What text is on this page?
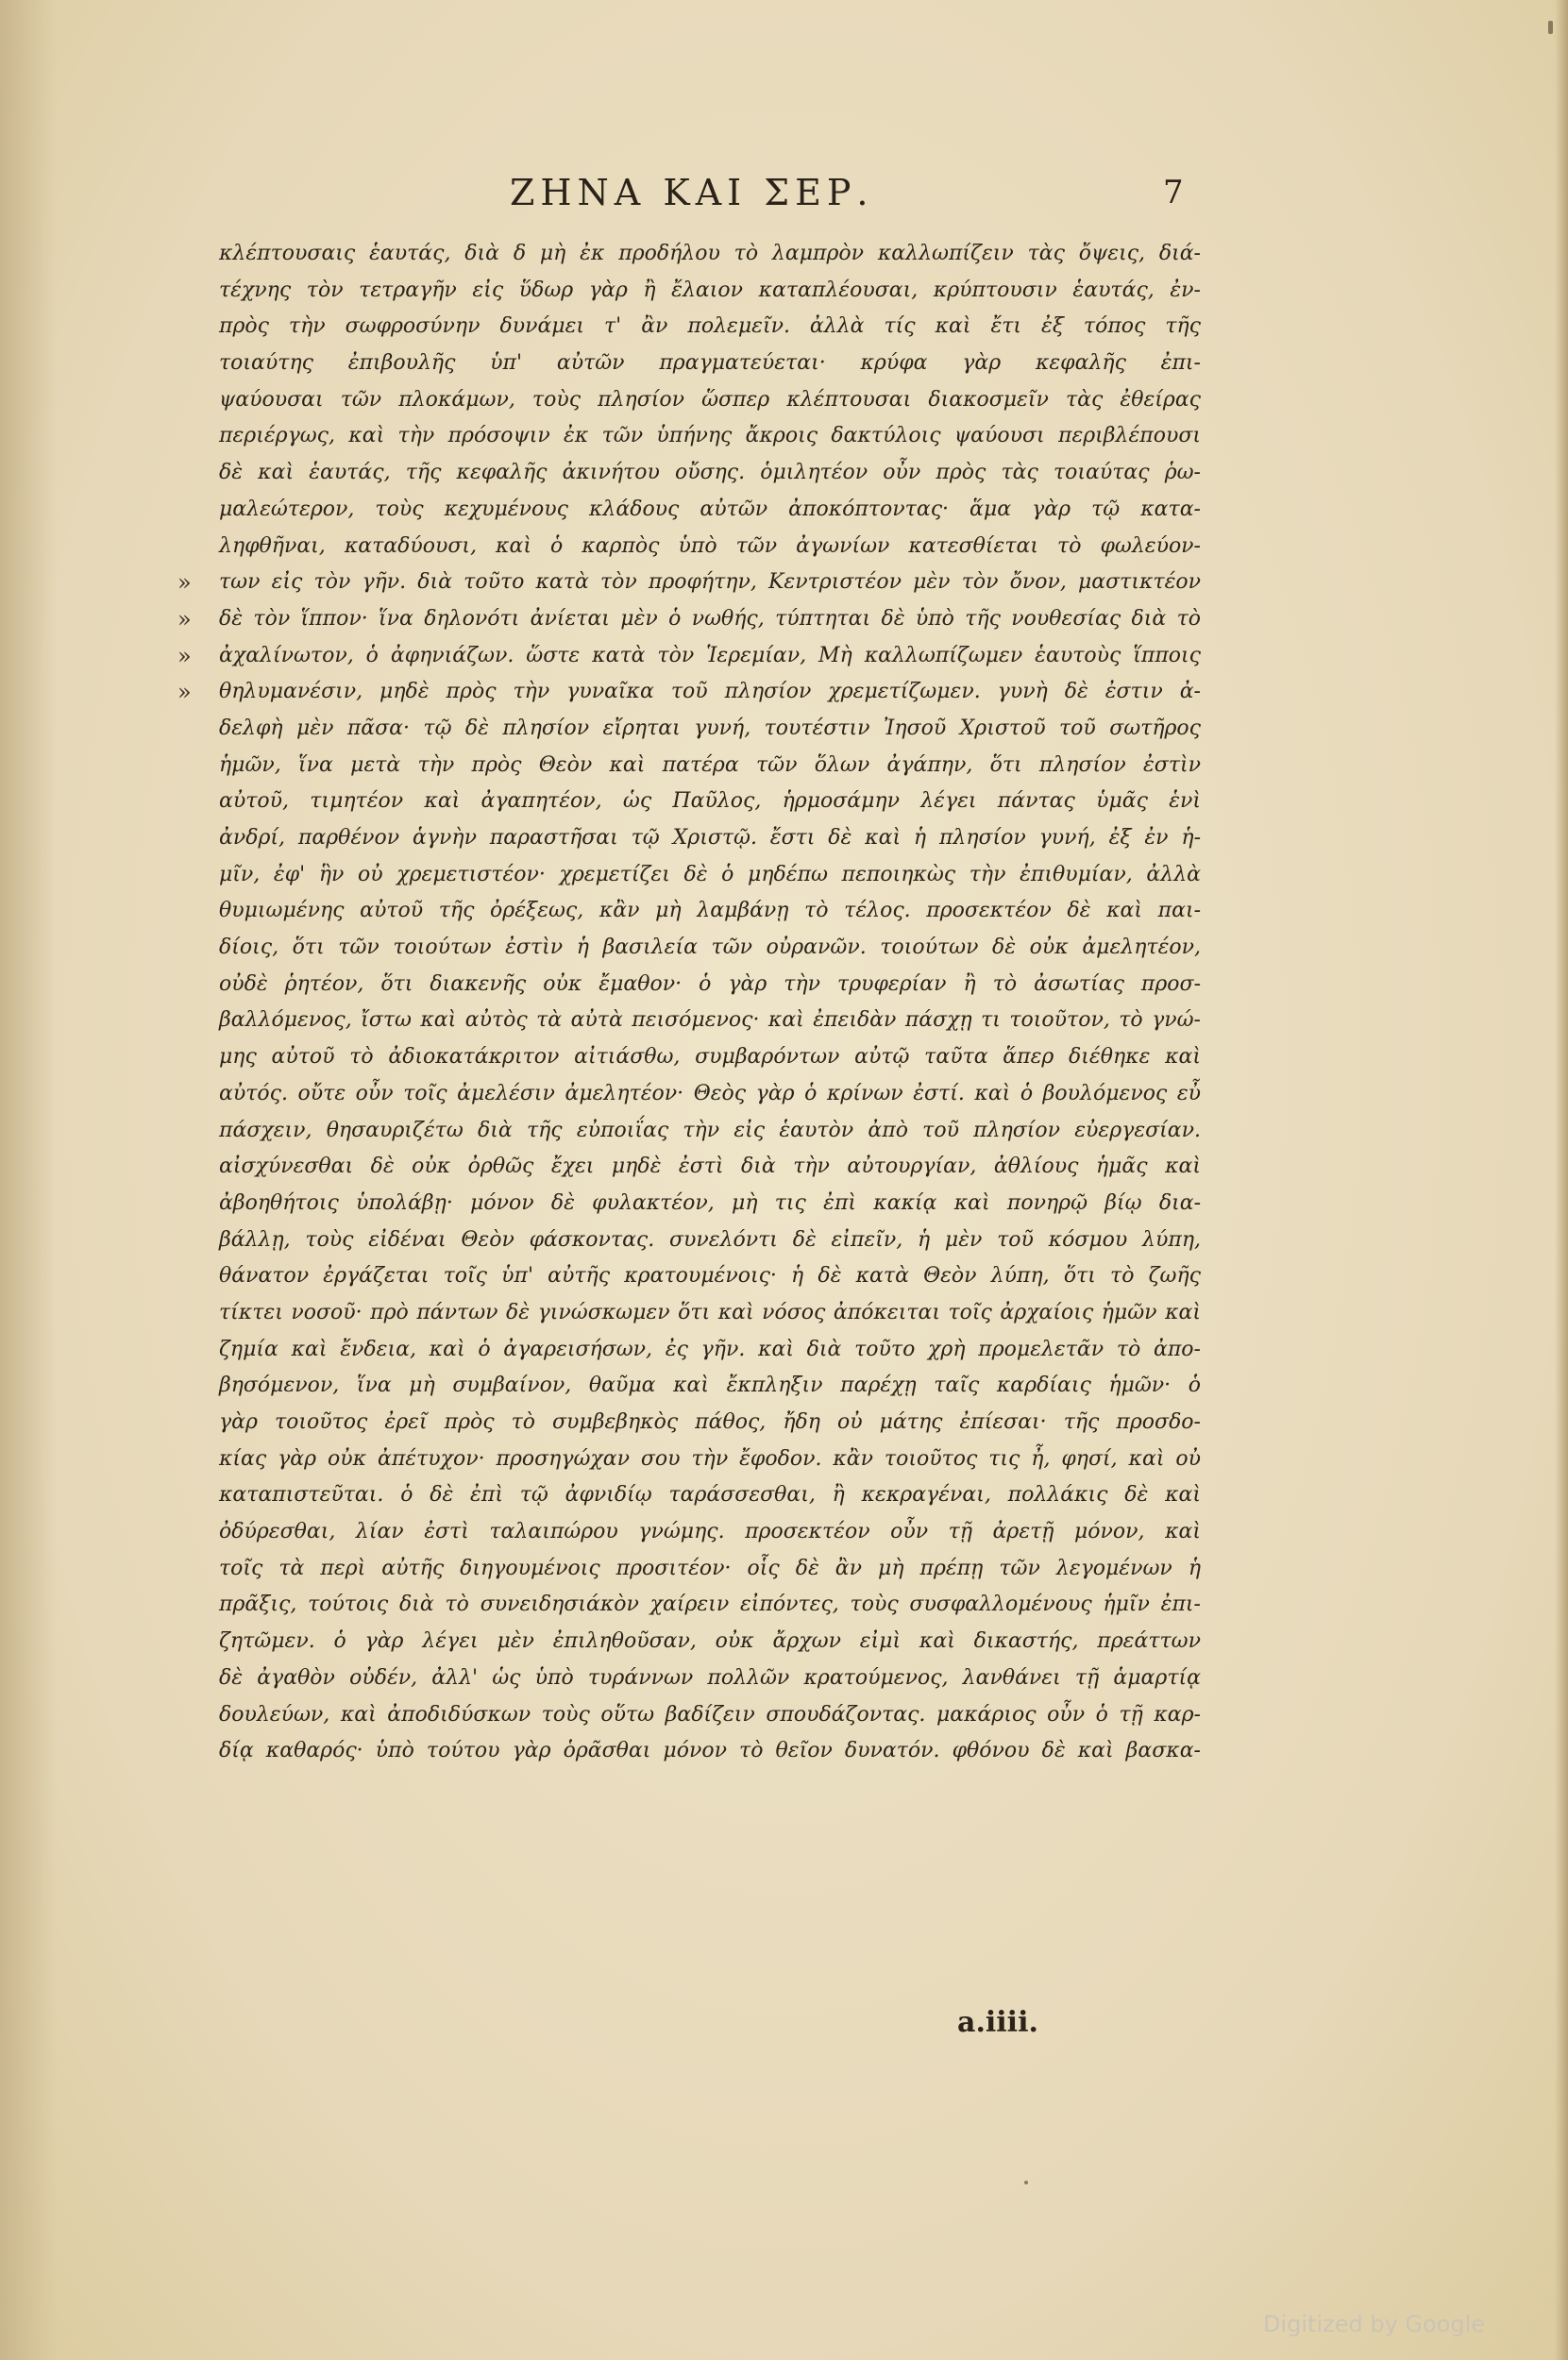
ΖΗΝΑ ΚΑΙ ΣΕΡ.	7
κλέπτουσαις ἑαυτάς, διὰ δ μὴ ἐκ προδήλου τὸ λαμπρὸν καλλωπίζειν τὰς ὄψεις, διά-
τέχνης τὸν τετραγῆν εἰς ὕδωρ γὰρ ἢ ἔλαιον καταπλέουσαι, κρύπτουσιν ἑαυτάς, ἐν-
πρὸς τὴν σωφροσύνην δυνάμει τ' ἂν πολεμεῖν. ἀλλὰ τίς καὶ ἔτι ἐξ τόπος τῆς
τοιαύτης ἐπιβουλῆς ὑπ' αὐτῶν πραγματεύεται· κρύφα γὰρ κεφαλῆς ἐπι-
ψαύουσαι τῶν πλοκάμων, τοὺς πλησίον ὥσπερ κλέπτουσαι διακοσμεῖν τὰς ἐθείρας
περιέργως, καὶ τὴν πρόσοψιν ἐκ τῶν ὑπήνης ἄκροις δακτύλοις ψαύουσι περιβλέπουσι
δὲ καὶ ἑαυτάς, τῆς κεφαλῆς ἀκινήτου οὔσης. ὁμιλητέον οὖν πρὸς τὰς τοιαύτας ῥω-
μαλεώτερον, τοὺς κεχυμένους κλάδους αὐτῶν ἀποκόπτοντας· ἅμα γὰρ τῷ κατα-
ληφθῆναι, καταδύουσι, καὶ ὁ καρπὸς ὑπὸ τῶν ἀγωνίων κατεσθίεται τὸ φωλεύον-
» των εἰς τὸν γῆν. διὰ τοῦτο κατὰ τὸν προφήτην, Κεντριστέον μὲν τὸν ὄνον, μαστικτέον
» δὲ τὸν ἵππον· ἵνα δηλονότι ἀνίεται μὲν ὁ νωθής, τύπτηται δὲ ὑπὸ τῆς νουθεσίας διὰ τὸ
» ἀχαλίνωτον, ὁ ἀφηνιάζων. ὥστε κατὰ τὸν Ἱερεμίαν, Μὴ καλλωπίζωμεν ἑαυτοὺς ἵπποις
» θηλυμανέσιν, μηδὲ πρὸς τὴν γυναῖκα τοῦ πλησίον χρεμετίζωμεν. γυνὴ δὲ ἐστιν ἀ-
δελφὴ μὲν πᾶσα· τῷ δὲ πλησίον εἴρηται γυνή, τουτέστιν Ἰησοῦ Χριστοῦ τοῦ σωτῆρος
ἡμῶν, ἵνα μετὰ τὴν πρὸς Θεὸν καὶ πατέρα τῶν ὅλων ἀγάπην, ὅτι πλησίον ἐστὶν
αὐτοῦ, τιμητέον καὶ ἀγαπητέον, ὡς Παῦλος, ἡρμοσάμην λέγει πάντας ὑμᾶς ἑνὶ
ἀνδρί, παρθένον ἁγνὴν παραστῆσαι τῷ Χριστῷ. ἔστι δὲ καὶ ἡ πλησίον γυνή, ἐξ ἐν ἡ-
μῖν, ἐφ' ἣν οὐ χρεμετιστέον· χρεμετίζει δὲ ὁ μηδέπω πεποιηκὼς τὴν ἐπιθυμίαν, ἀλλὰ
θυμιωμένης αὐτοῦ τῆς ὀρέξεως, κἂν μὴ λαμβάνῃ τὸ τέλος. προσεκτέον δὲ καὶ παι-
δίοις, ὅτι τῶν τοιούτων ἐστὶν ἡ βασιλεία τῶν οὐρανῶν. τοιούτων δὲ οὐκ ἀμελητέον,
οὐδὲ ῥητέον, ὅτι διακενῆς οὐκ ἔμαθον· ὁ γὰρ τὴν τρυφερίαν ἢ τὸ ἀσωτίας προσ-
βαλλόμενος, ἴστω καὶ αὐτὸς τὰ αὐτὰ πεισόμενος· καὶ ἐπειδὰν πάσχῃ τι τοιοῦτον, τὸ γνώ-
μης αὐτοῦ τὸ ἀδιοκατάκριτον αἰτιάσθω, συμβαρόντων αὐτῷ ταῦτα ἅπερ διέθηκε καὶ
αὐτός. οὔτε οὖν τοῖς ἀμελέσιν ἀμελητέον· Θεὸς γὰρ ὁ κρίνων ἐστί. καὶ ὁ βουλόμενος εὖ
πάσχειν, θησαυριζέτω διὰ τῆς εὐποιΐας τὴν εἰς ἑαυτὸν ἀπὸ τοῦ πλησίον εὐεργεσίαν.
αἰσχύνεσθαι δὲ οὐκ ὀρθῶς ἔχει μηδὲ ἐστὶ διὰ τὴν αὐτουργίαν, ἀθλίους ἡμᾶς καὶ
ἀβοηθήτοις ὑπολάβῃ· μόνον δὲ φυλακτέον, μὴ τις ἐπὶ κακίᾳ καὶ πονηρῷ βίῳ δια-
βάλλῃ, τοὺς εἰδέναι Θεὸν φάσκοντας. συνελόντι δὲ εἰπεῖν, ἡ μὲν τοῦ κόσμου λύπη,
θάνατον ἐργάζεται τοῖς ὑπ' αὐτῆς κρατουμένοις· ἡ δὲ κατὰ Θεὸν λύπη, ὅτι τὸ ζωῆς
τίκτει νοσοῦ· πρὸ πάντων δὲ γινώσκωμεν ὅτι καὶ νόσος ἀπόκειται τοῖς ἀρχαίοις ἡμῶν καὶ
ζημία καὶ ἔνδεια, καὶ ὁ ἀγαρεισήσων, ἐς γῆν. καὶ διὰ τοῦτο χρὴ προμελετᾶν τὸ ἀπο-
βησόμενον, ἵνα μὴ συμβαίνον, θαῦμα καὶ ἔκπληξιν παρέχῃ ταῖς καρδίαις ἡμῶν· ὁ
γὰρ τοιοῦτος ἐρεῖ πρὸς τὸ συμβεβηκὸς πάθος, ἤδη οὐ μάτης ἐπίεσαι· τῆς προσδο-
κίας γὰρ οὐκ ἀπέτυχον· προσηγώχαν σου τὴν ἔφοδον. κἂν τοιοῦτος τις ἦ, φησί, καὶ οὐ
καταπιστεῦται. ὁ δὲ ἐπὶ τῷ ἀφνιδίῳ ταράσσεσθαι, ἢ κεκραγέναι, πολλάκις δὲ καὶ
ὀδύρεσθαι, λίαν ἐστὶ ταλαιπώρου γνώμης. προσεκτέον οὖν τῇ ἀρετῇ μόνον, καὶ
τοῖς τὰ περὶ αὐτῆς διηγουμένοις προσιτέον· οἷς δὲ ἂν μὴ πρέπῃ τῶν λεγομένων ἡ
πρᾶξις, τούτοις διὰ τὸ συνειδησιάκὸν χαίρειν εἰπόντες, τοὺς συσφαλλομένους ἡμῖν ἐπι-
ζητῶμεν. ὁ γὰρ λέγει μὲν ἐπιληθοῦσαν, οὐκ ἄρχων εἰμὶ καὶ δικαστής, πρεάττων
δὲ ἀγαθὸν οὐδέν, ἀλλ' ὡς ὑπὸ τυράννων πολλῶν κρατούμενος, λανθάνει τῇ ἁμαρτίᾳ
δουλεύων, καὶ ἀποδιδύσκων τοὺς οὕτω βαδίζειν σπουδάζοντας. μακάριος οὖν ὁ τῇ καρ-
δίᾳ καθαρός· ὑπὸ τούτου γὰρ ὁρᾶσθαι μόνον τὸ θεῖον δυνατόν. φθόνου δὲ καὶ βασκα-
a.iiii.
Digitized by Google
